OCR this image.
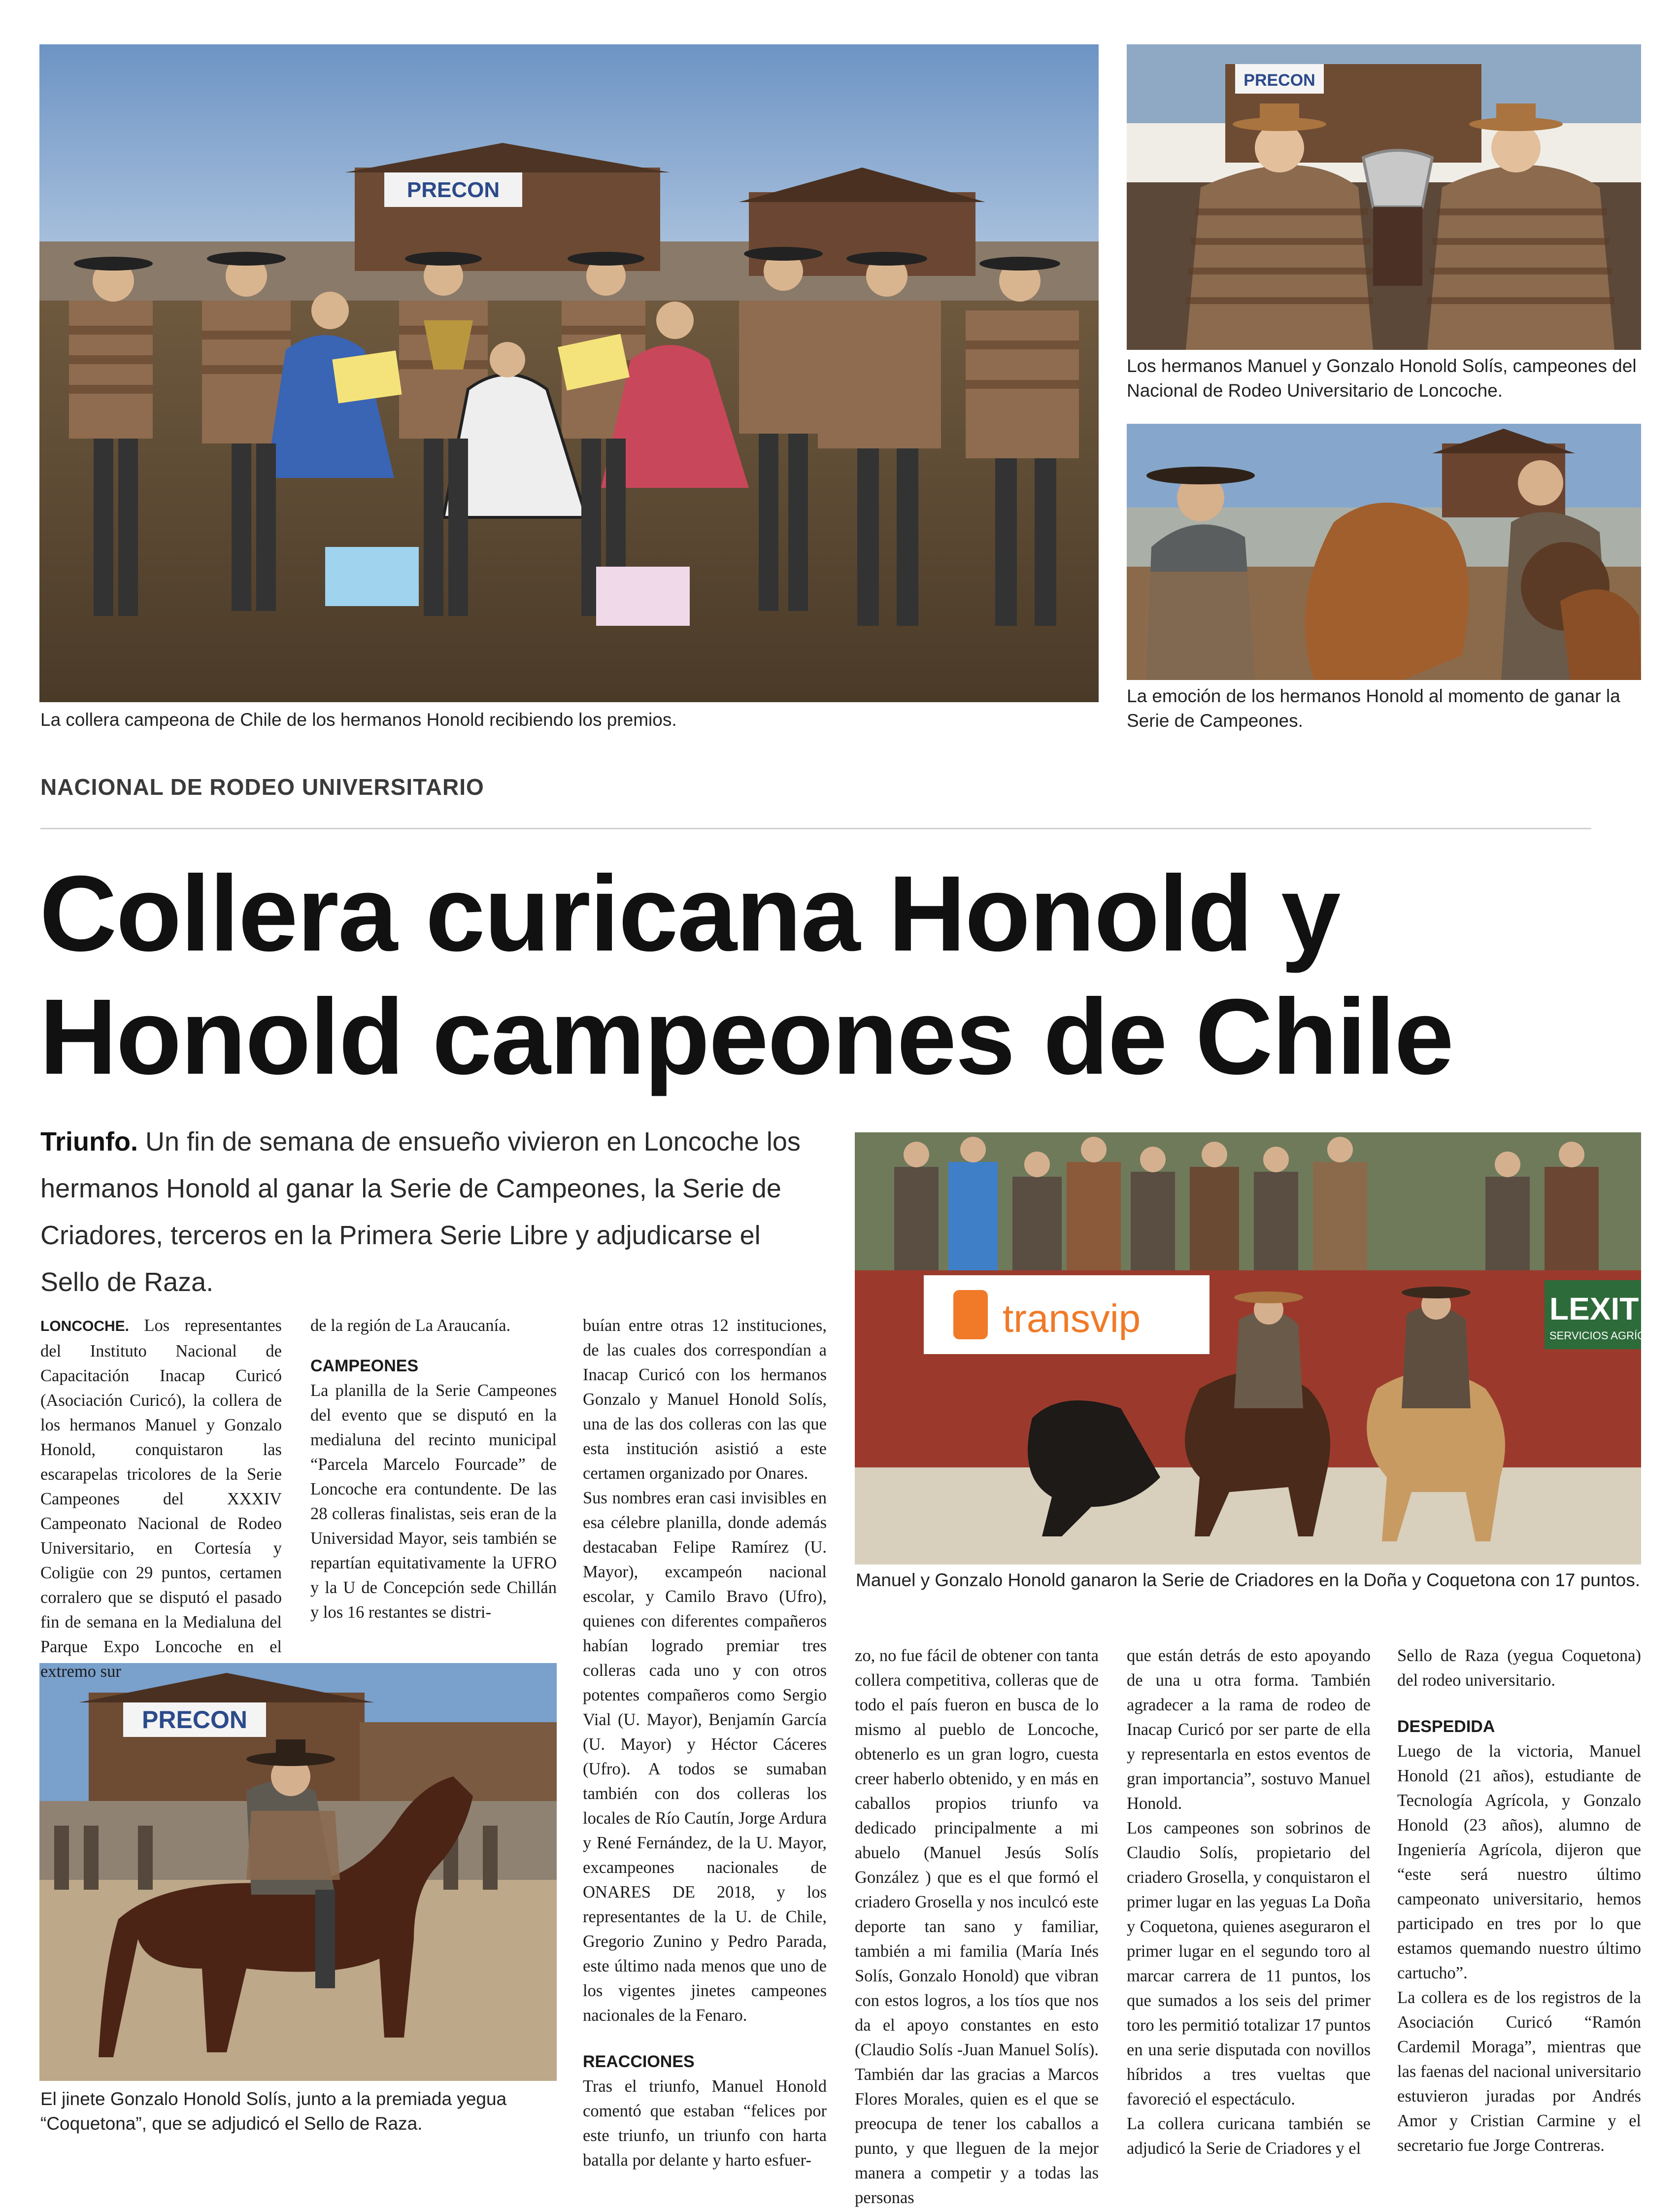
PRECON
La collera campeona de Chile de los hermanos Honold recibiendo los premios.
PRECON
Los hermanos Manuel y Gonzalo Honold Solís, campeones del Nacional de Rodeo Universitario de Loncoche.
La emoción de los hermanos Honold al momento de ganar la Serie de Campeones.
NACIONAL DE RODEO UNIVERSITARIO
Collera curicana Honold y
Honold campeones de Chile
Triunfo. Un fin de semana de ensueño vivieron en Loncoche los hermanos Honold al ganar la Serie de Campeones, la Serie de Criadores, terceros en la Primera Serie Libre y adjudicarse el Sello de Raza.
transvip	LEXIT
SERVICIOS AGRÍCO
Manuel y Gonzalo Honold ganaron la Serie de Criadores en la Doña y Coquetona con 17 puntos.
PRECON
El jinete Gonzalo Honold Solís, junto a la premiada yegua “Coquetona”, que se adjudicó el Sello de Raza.

LONCOCHE. Los representantes del Instituto Nacional de Capacitación Inacap Curicó (Asociación Curicó), la collera de los hermanos Manuel y Gonzalo Honold, conquistaron las escarapelas tricolores de la Serie Campeones del XXXIV Campeonato Nacional de Rodeo Universitario, en Cortesía y Coligüe con 29 puntos, certamen corralero que se disputó el pasado fin de semana en la Medialuna del Parque Expo Loncoche en el extremo sur

de la región de La Araucanía.

CAMPEONES

La planilla de la Serie Campeones del evento que se disputó en la medialuna del recinto municipal “Parcela Marcelo Fourcade” de Loncoche era contundente. De las 28 colleras finalistas, seis eran de la Universidad Mayor, seis también se repartían equitativamente la UFRO y la U de Concepción sede Chillán y los 16 restantes se distri-

buían entre otras 12 instituciones, de las cuales dos correspondían a Inacap Curicó con los hermanos Gonzalo y Manuel Honold Solís, una de las dos colleras con las que esta institución asistió a este certamen organizado por Onares.

Sus nombres eran casi invisibles en esa célebre planilla, donde además destacaban Felipe Ramírez (U. Mayor), excampeón nacional escolar, y Camilo Bravo (Ufro), quienes con diferentes compañeros habían logrado premiar tres colleras cada uno y con otros potentes compañeros como Sergio Vial (U. Mayor), Benjamín García (U. Mayor) y Héctor Cáceres (Ufro). A todos se sumaban también con dos colleras los locales de Río Cautín, Jorge Ardura y René Fernández, de la U. Mayor, excampeones nacionales de ONARES DE 2018, y los representantes de la U. de Chile, Gregorio Zunino y Pedro Parada, este último nada menos que uno de los vigentes jinetes campeones nacionales de la Fenaro.

REACCIONES

Tras el triunfo, Manuel Honold comentó que estaban “felices por este triunfo, un triunfo con harta batalla por delante y harto esfuer-

zo, no fue fácil de obtener con tanta collera competitiva, colleras que de todo el país fueron en busca de lo mismo al pueblo de Loncoche, obtenerlo es un gran logro, cuesta creer haberlo obtenido, y en más en caballos propios triunfo va dedicado principalmente a mi abuelo (Manuel Jesús Solís González ) que es el que formó el criadero Grosella y nos inculcó este deporte tan sano y familiar, también a mi familia (María Inés Solís, Gonzalo Honold) que vibran con estos logros, a los tíos que nos da el apoyo constantes en esto (Claudio Solís -Juan Manuel Solís). También dar las gracias a Marcos Flores Morales, quien es el que se preocupa de tener los caballos a punto, y que lleguen de la mejor manera a competir y a todas las personas

que están detrás de esto apoyando de una u otra forma. También agradecer a la rama de rodeo de Inacap Curicó por ser parte de ella y representarla en estos eventos de gran importancia”, sostuvo Manuel Honold.

Los campeones son sobrinos de Claudio Solís, propietario del criadero Grosella, y conquistaron el primer lugar en las yeguas La Doña y Coquetona, quienes aseguraron el primer lugar en el segundo toro al marcar carrera de 11 puntos, los que sumados a los seis del primer toro les permitió totalizar 17 puntos en una serie disputada con novillos híbridos a tres vueltas que favoreció el espectáculo.

La collera curicana también se adjudicó la Serie de Criadores y el

Sello de Raza (yegua Coquetona) del rodeo universitario.

DESPEDIDA

Luego de la victoria, Manuel Honold (21 años), estudiante de Tecnología Agrícola, y Gonzalo Honold (23 años), alumno de Ingeniería Agrícola, dijeron que “este será nuestro último campeonato universitario, hemos participado en tres por lo que estamos quemando nuestro último cartucho”.

La collera es de los registros de la Asociación Curicó “Ramón Cardemil Moraga”, mientras que las faenas del nacional universitario estuvieron juradas por Andrés Amor y Cristian Carmine y el secretario fue Jorge Contreras.
